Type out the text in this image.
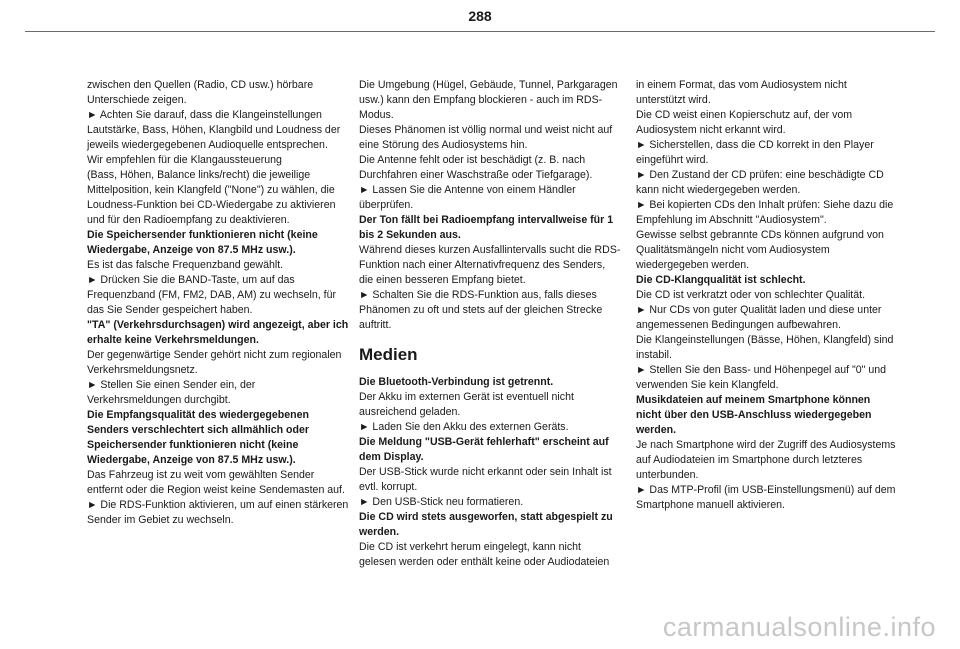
288

zwischen den Quellen (Radio, CD usw.) hörbare Unterschiede zeigen.

► Achten Sie darauf, dass die Klangeinstellungen Lautstärke, Bass, Höhen, Klangbild und Loudness der jeweils wiedergegebenen Audioquelle entsprechen.

Wir empfehlen für die Klangaussteuerung

(Bass, Höhen, Balance links/recht) die jeweilige Mittelposition, kein Klangfeld ("None") zu wählen, die Loudness-Funktion bei CD-Wiedergabe zu aktivieren und für den Radioempfang zu deaktivieren.

Die Speichersender funktionieren nicht (keine Wiedergabe, Anzeige von 87.5 MHz usw.).

Es ist das falsche Frequenzband gewählt.

► Drücken Sie die BAND-Taste, um auf das Frequenzband (FM, FM2, DAB, AM) zu wechseln, für das Sie Sender gespeichert haben.

"TA" (Verkehrsdurchsagen) wird angezeigt, aber ich erhalte keine Verkehrsmeldungen.

Der gegenwärtige Sender gehört nicht zum regionalen Verkehrsmeldungsnetz.

► Stellen Sie einen Sender ein, der Verkehrsmeldungen durchgibt.

Die Empfangsqualität des wiedergegebenen Senders verschlechtert sich allmählich oder Speichersender funktionieren nicht (keine Wiedergabe, Anzeige von 87.5 MHz usw.).

Das Fahrzeug ist zu weit vom gewählten Sender entfernt oder die Region weist keine Sendemasten auf.

► Die RDS-Funktion aktivieren, um auf einen stärkeren Sender im Gebiet zu wechseln.

Die Umgebung (Hügel, Gebäude, Tunnel, Parkgaragen usw.) kann den Empfang blockieren - auch im RDS-Modus.

Dieses Phänomen ist völlig normal und weist nicht auf eine Störung des Audiosystems hin.

Die Antenne fehlt oder ist beschädigt (z. B. nach Durchfahren einer Waschstraße oder Tiefgarage).

► Lassen Sie die Antenne von einem Händler überprüfen.

Der Ton fällt bei Radioempfang intervallweise für 1 bis 2 Sekunden aus.

Während dieses kurzen Ausfallintervalls sucht die RDS-Funktion nach einer Alternativfrequenz des Senders, die einen besseren Empfang bietet.

► Schalten Sie die RDS-Funktion aus, falls dieses Phänomen zu oft und stets auf der gleichen Strecke auftritt.

Medien

Die Bluetooth-Verbindung ist getrennt.

Der Akku im externen Gerät ist eventuell nicht ausreichend geladen.

► Laden Sie den Akku des externen Geräts.

Die Meldung "USB-Gerät fehlerhaft" erscheint auf dem Display.

Der USB-Stick wurde nicht erkannt oder sein Inhalt ist evtl. korrupt.

► Den USB-Stick neu formatieren.

Die CD wird stets ausgeworfen, statt abgespielt zu werden.

Die CD ist verkehrt herum eingelegt, kann nicht gelesen werden oder enthält keine oder Audiodateien

in einem Format, das vom Audiosystem nicht unterstützt wird.

Die CD weist einen Kopierschutz auf, der vom Audiosystem nicht erkannt wird.

► Sicherstellen, dass die CD korrekt in den Player eingeführt wird.

► Den Zustand der CD prüfen: eine beschädigte CD kann nicht wiedergegeben werden.

► Bei kopierten CDs den Inhalt prüfen: Siehe dazu die Empfehlung im Abschnitt "Audiosystem".

Gewisse selbst gebrannte CDs können aufgrund von Qualitätsmängeln nicht vom Audiosystem wiedergegeben werden.

Die CD-Klangqualität ist schlecht.

Die CD ist verkratzt oder von schlechter Qualität.

► Nur CDs von guter Qualität laden und diese unter angemessenen Bedingungen aufbewahren.

Die Klangeinstellungen (Bässe, Höhen, Klangfeld) sind instabil.

► Stellen Sie den Bass- und Höhenpegel auf "0" und verwenden Sie kein Klangfeld.

Musikdateien auf meinem Smartphone können nicht über den USB-Anschluss wiedergegeben werden.

Je nach Smartphone wird der Zugriff des Audiosystems auf Audiodateien im Smartphone durch letzteres unterbunden.

► Das MTP-Profil (im USB-Einstellungsmenü) auf dem Smartphone manuell aktivieren.

carmanualsonline.info
